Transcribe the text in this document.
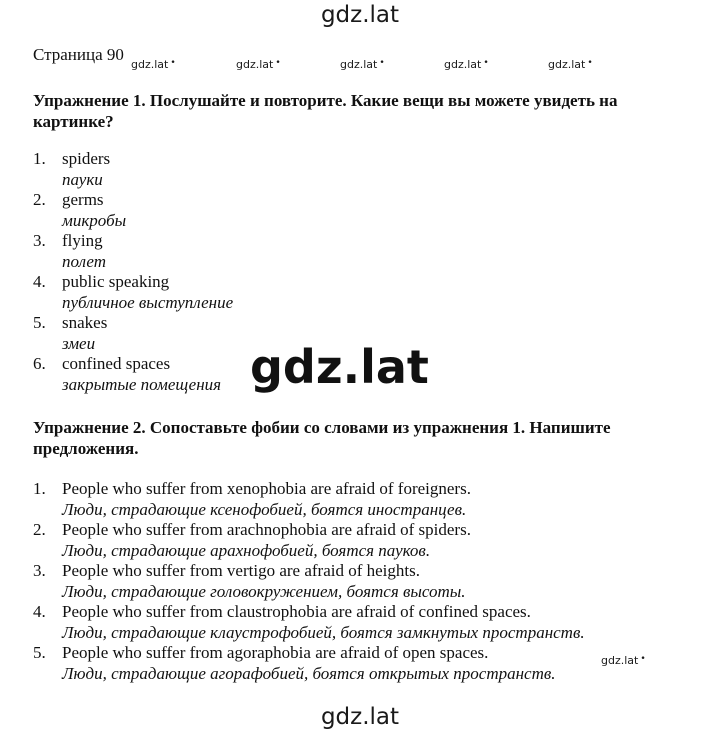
gdz.lat
Страница 90
gdz.lat •	gdz.lat •	gdz.lat •	gdz.lat •	gdz.lat •
Упражнение 1. Послушайте и повторите. Какие вещи вы можете увидеть на картинке?
1. spiders
пауки
2. germs
микробы
3. flying
полет
4. public speaking
публичное выступление
5. snakes
змеи
6. confined spaces
закрытые помещения gdz.lat
Упражнение 2. Сопоставьте фобии со словами из упражнения 1. Напишите предложения.
1. People who suffer from xenophobia are afraid of foreigners.
Люди, страдающие ксенофобией, боятся иностранцев.
2. People who suffer from arachnophobia are afraid of spiders.
Люди, страдающие арахнофобией, боятся пауков.
3. People who suffer from vertigo are afraid of heights.
Люди, страдающие головокружением, боятся высоты.
4. People who suffer from claustrophobia are afraid of confined spaces.
Люди, страдающие клаустрофобией, боятся замкнутых пространств.
5. People who suffer from agoraphobia are afraid of open spaces.
Люди, страдающие агорафобией, боятся открытых пространств.
gdz.lat •
gdz.lat
